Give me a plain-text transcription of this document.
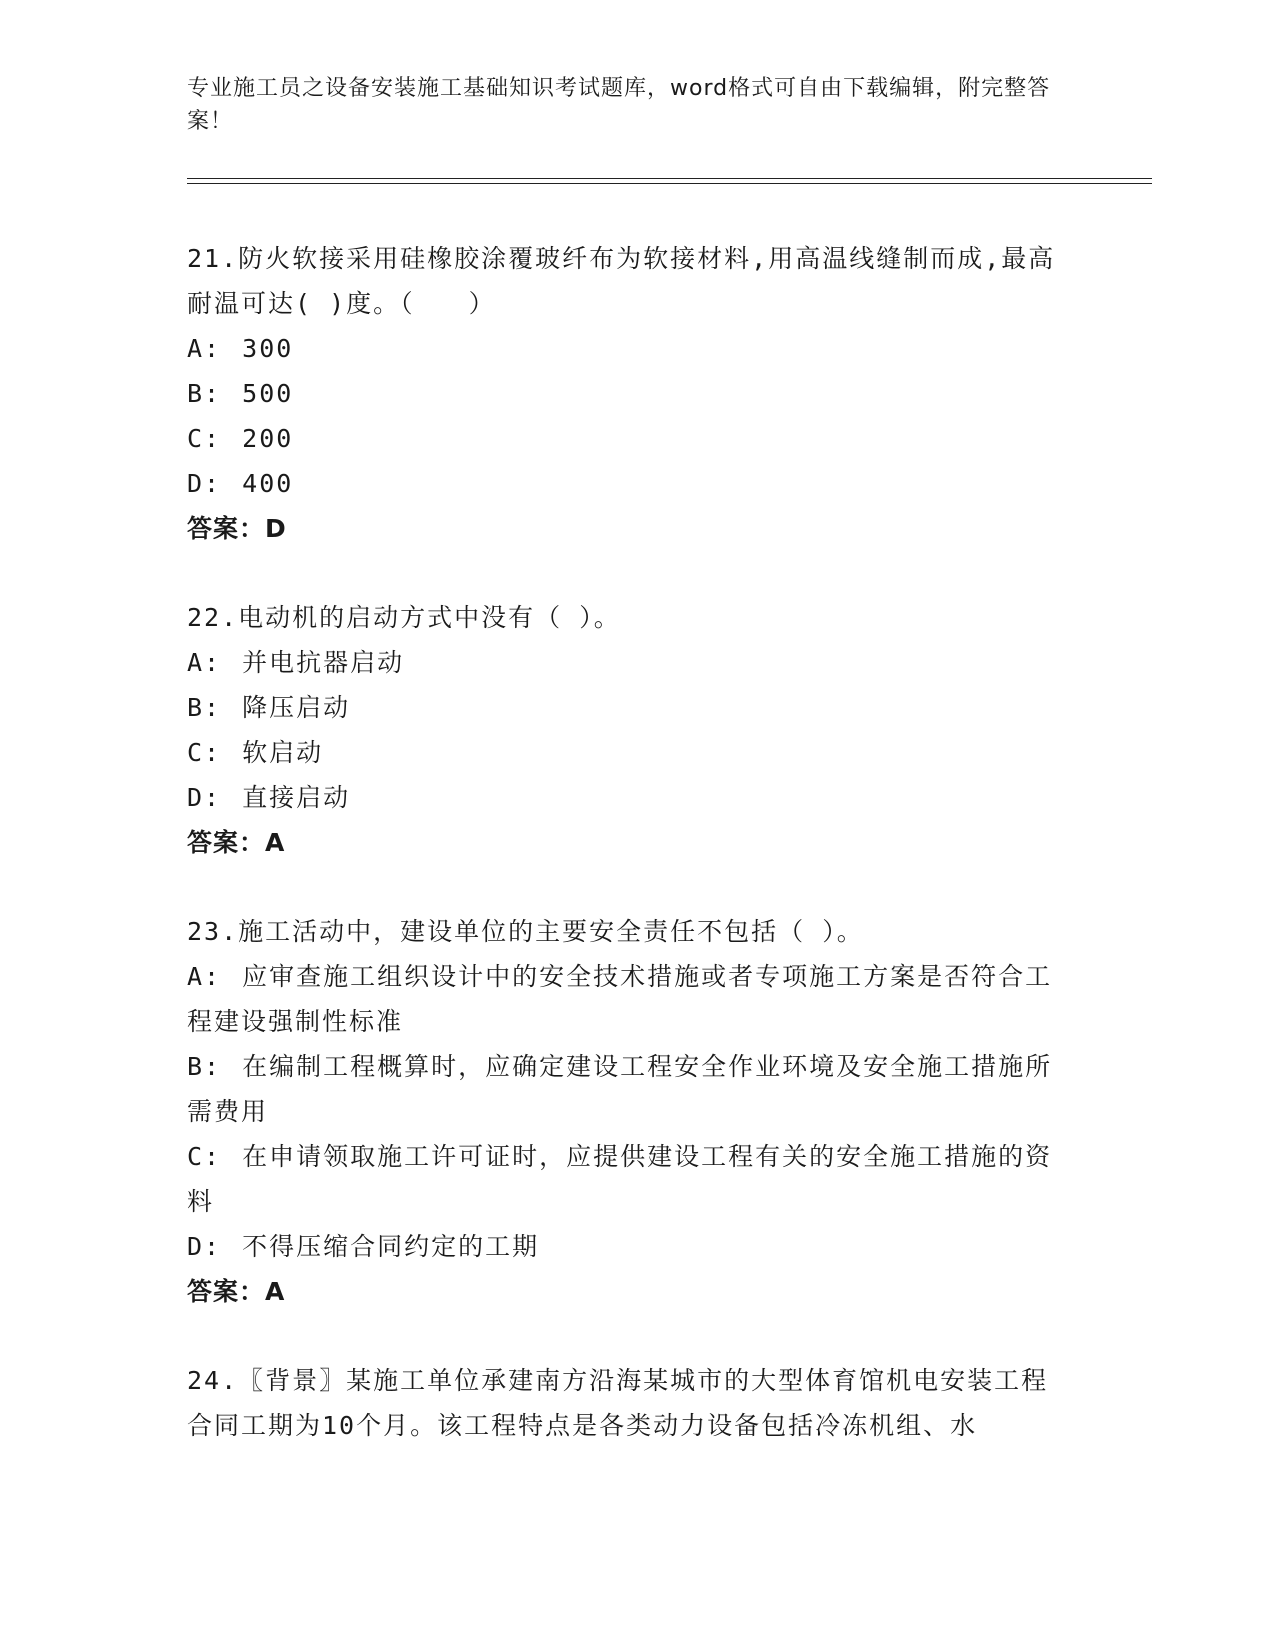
专业施工员之设备安装施工基础知识考试题库，word格式可自由下载编辑，附完整答案！

21.防火软接采用硅橡胶涂覆玻纤布为软接材料,用高温线缝制而成,最高耐温可达( )度。（　　）

A: 300

B: 500

C: 200

D: 400

答案：D

22.电动机的启动方式中没有（ ）。

A: 并电抗器启动

B: 降压启动

C: 软启动

D: 直接启动

答案：A

23.施工活动中，建设单位的主要安全责任不包括（ ）。

A: 应审查施工组织设计中的安全技术措施或者专项施工方案是否符合工程建设强制性标准

B: 在编制工程概算时，应确定建设工程安全作业环境及安全施工措施所需费用

C: 在申请领取施工许可证时，应提供建设工程有关的安全施工措施的资料

D: 不得压缩合同约定的工期

答案：A

24.〖背景〗某施工单位承建南方沿海某城市的大型体育馆机电安装工程合同工期为10个月。该工程特点是各类动力设备包括冷冻机组、水
